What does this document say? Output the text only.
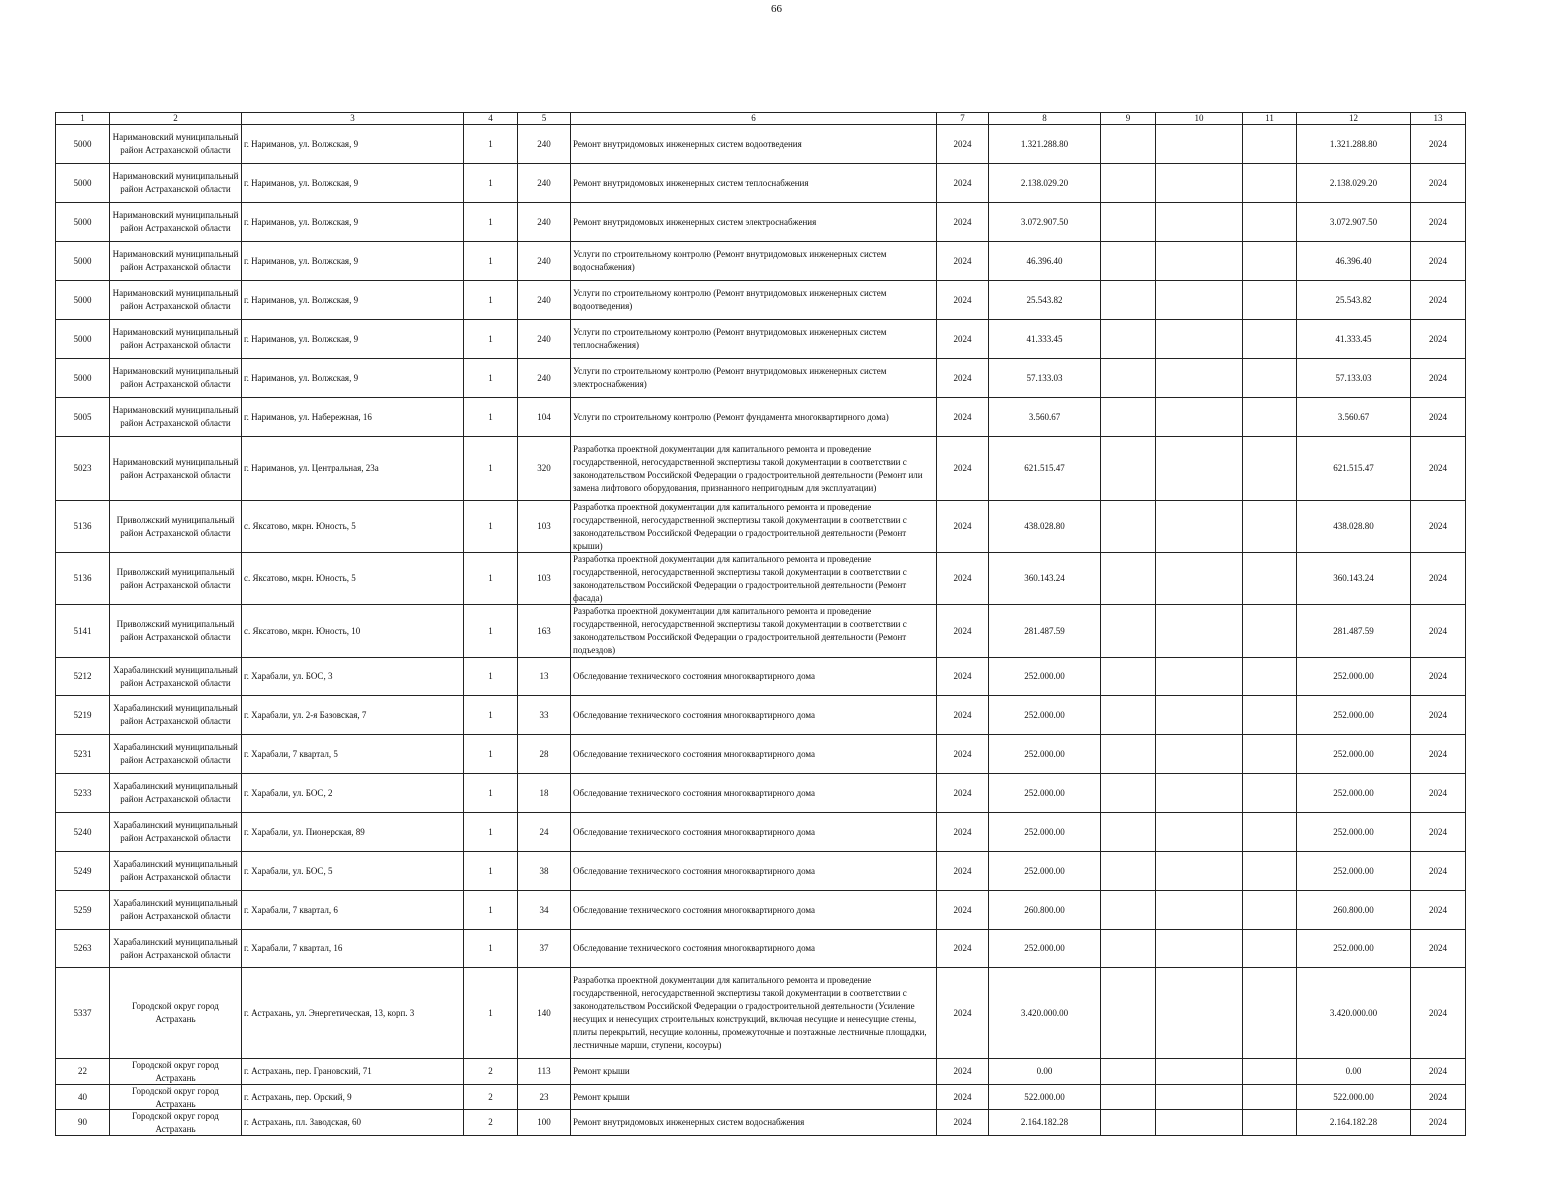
66
1	2	3	4	5	6	7	8	9	10	11	12	13

5000	Наримановский муниципальный район Астраханской области	г. Нариманов, ул. Волжская, 9	1	240	Ремонт внутридомовых инженерных систем водоотведения	2024	1.321.288.80				1.321.288.80	2024

5000	Наримановский муниципальный район Астраханской области	г. Нариманов, ул. Волжская, 9	1	240	Ремонт внутридомовых инженерных систем теплоснабжения	2024	2.138.029.20				2.138.029.20	2024

5000	Наримановский муниципальный район Астраханской области	г. Нариманов, ул. Волжская, 9	1	240	Ремонт внутридомовых инженерных систем электроснабжения	2024	3.072.907.50				3.072.907.50	2024

5000	Наримановский муниципальный район Астраханской области	г. Нариманов, ул. Волжская, 9	1	240	Услуги по строительному контролю (Ремонт внутридомовых инженерных систем водоснабжения)	2024	46.396.40				46.396.40	2024

5000	Наримановский муниципальный район Астраханской области	г. Нариманов, ул. Волжская, 9	1	240	Услуги по строительному контролю (Ремонт внутридомовых инженерных систем водоотведения)	2024	25.543.82				25.543.82	2024

5000	Наримановский муниципальный район Астраханской области	г. Нариманов, ул. Волжская, 9	1	240	Услуги по строительному контролю (Ремонт внутридомовых инженерных систем теплоснабжения)	2024	41.333.45				41.333.45	2024

5000	Наримановский муниципальный район Астраханской области	г. Нариманов, ул. Волжская, 9	1	240	Услуги по строительному контролю (Ремонт внутридомовых инженерных систем электроснабжения)	2024	57.133.03				57.133.03	2024

5005	Наримановский муниципальный район Астраханской области	г. Нариманов, ул. Набережная, 16	1	104	Услуги по строительному контролю (Ремонт фундамента многоквартирного дома)	2024	3.560.67				3.560.67	2024

5023	Наримановский муниципальный район Астраханской области	г. Нариманов, ул. Центральная, 23а	1	320	Разработка проектной документации для капитального ремонта и проведение государственной, негосударственной экспертизы такой документации в соответствии с законодательством Российской Федерации о градостроительной деятельности (Ремонт или замена лифтового оборудования, признанного непригодным для эксплуатации)	2024	621.515.47				621.515.47	2024

5136	Приволжский муниципальный район Астраханской области	с. Яксатово, мкрн. Юность, 5	1	103	Разработка проектной документации для капитального ремонта и проведение государственной, негосударственной экспертизы такой документации в соответствии с законодательством Российской Федерации о градостроительной деятельности (Ремонт крыши)	2024	438.028.80				438.028.80	2024

5136	Приволжский муниципальный район Астраханской области	с. Яксатово, мкрн. Юность, 5	1	103	Разработка проектной документации для капитального ремонта и проведение государственной, негосударственной экспертизы такой документации в соответствии с законодательством Российской Федерации о градостроительной деятельности (Ремонт фасада)	2024	360.143.24				360.143.24	2024

5141	Приволжский муниципальный район Астраханской области	с. Яксатово, мкрн. Юность, 10	1	163	Разработка проектной документации для капитального ремонта и проведение государственной, негосударственной экспертизы такой документации в соответствии с законодательством Российской Федерации о градостроительной деятельности (Ремонт подъездов)	2024	281.487.59				281.487.59	2024

5212	Харабалинский муниципальный район Астраханской области	г. Харабали, ул. БОС, 3	1	13	Обследование технического состояния многоквартирного дома	2024	252.000.00				252.000.00	2024

5219	Харабалинский муниципальный район Астраханской области	г. Харабали, ул. 2-я Базовская, 7	1	33	Обследование технического состояния многоквартирного дома	2024	252.000.00				252.000.00	2024

5231	Харабалинский муниципальный район Астраханской области	г. Харабали, 7 квартал, 5	1	28	Обследование технического состояния многоквартирного дома	2024	252.000.00				252.000.00	2024

5233	Харабалинский муниципальный район Астраханской области	г. Харабали, ул. БОС, 2	1	18	Обследование технического состояния многоквартирного дома	2024	252.000.00				252.000.00	2024

5240	Харабалинский муниципальный район Астраханской области	г. Харабали, ул. Пионерская, 89	1	24	Обследование технического состояния многоквартирного дома	2024	252.000.00				252.000.00	2024

5249	Харабалинский муниципальный район Астраханской области	г. Харабали, ул. БОС, 5	1	38	Обследование технического состояния многоквартирного дома	2024	252.000.00				252.000.00	2024

5259	Харабалинский муниципальный район Астраханской области	г. Харабали, 7 квартал, 6	1	34	Обследование технического состояния многоквартирного дома	2024	260.800.00				260.800.00	2024

5263	Харабалинский муниципальный район Астраханской области	г. Харабали, 7 квартал, 16	1	37	Обследование технического состояния многоквартирного дома	2024	252.000.00				252.000.00	2024

5337	Городской округ город Астрахань	г. Астрахань, ул. Энергетическая, 13, корп. 3	1	140	Разработка проектной документации для капитального ремонта и проведение государственной, негосударственной экспертизы такой документации в соответствии с законодательством Российской Федерации о градостроительной деятельности (Усиление несущих и ненесущих строительных конструкций, включая несущие и ненесущие стены, плиты перекрытий, несущие колонны, промежуточные и поэтажные лестничные площадки, лестничные марши, ступени, косоуры)	2024	3.420.000.00				3.420.000.00	2024

22	Городской округ город Астрахань	г. Астрахань, пер. Грановский, 71	2	113	Ремонт крыши	2024	0.00				0.00	2024

40	Городской округ город Астрахань	г. Астрахань, пер. Орский, 9	2	23	Ремонт крыши	2024	522.000.00				522.000.00	2024

90	Городской округ город Астрахань	г. Астрахань, пл. Заводская, 60	2	100	Ремонт внутридомовых инженерных систем водоснабжения	2024	2.164.182.28				2.164.182.28	2024
